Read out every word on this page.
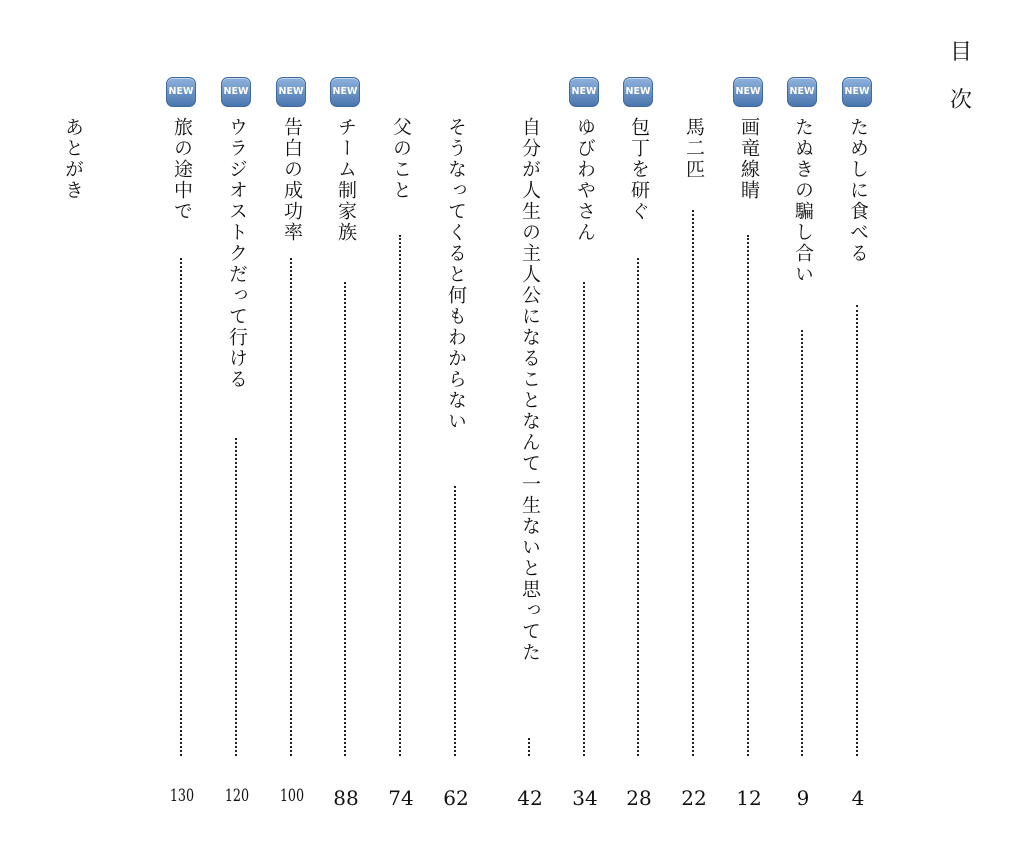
目
次
NEW
ためしに食べる
4
NEW
たぬきの騙し合い
9
NEW
画竜線睛
12
馬二匹
22
NEW
包丁を研ぐ
28
NEW
ゆびわやさん
34
自分が人生の主人公になることなんて一生ないと思ってた
42
そうなってくると何もわからない
62
父のこと
74
NEW
チーム制家族
88
NEW
告白の成功率
100
NEW
ウラジオストクだって行ける
120
NEW
旅の途中で
130
あとがき
